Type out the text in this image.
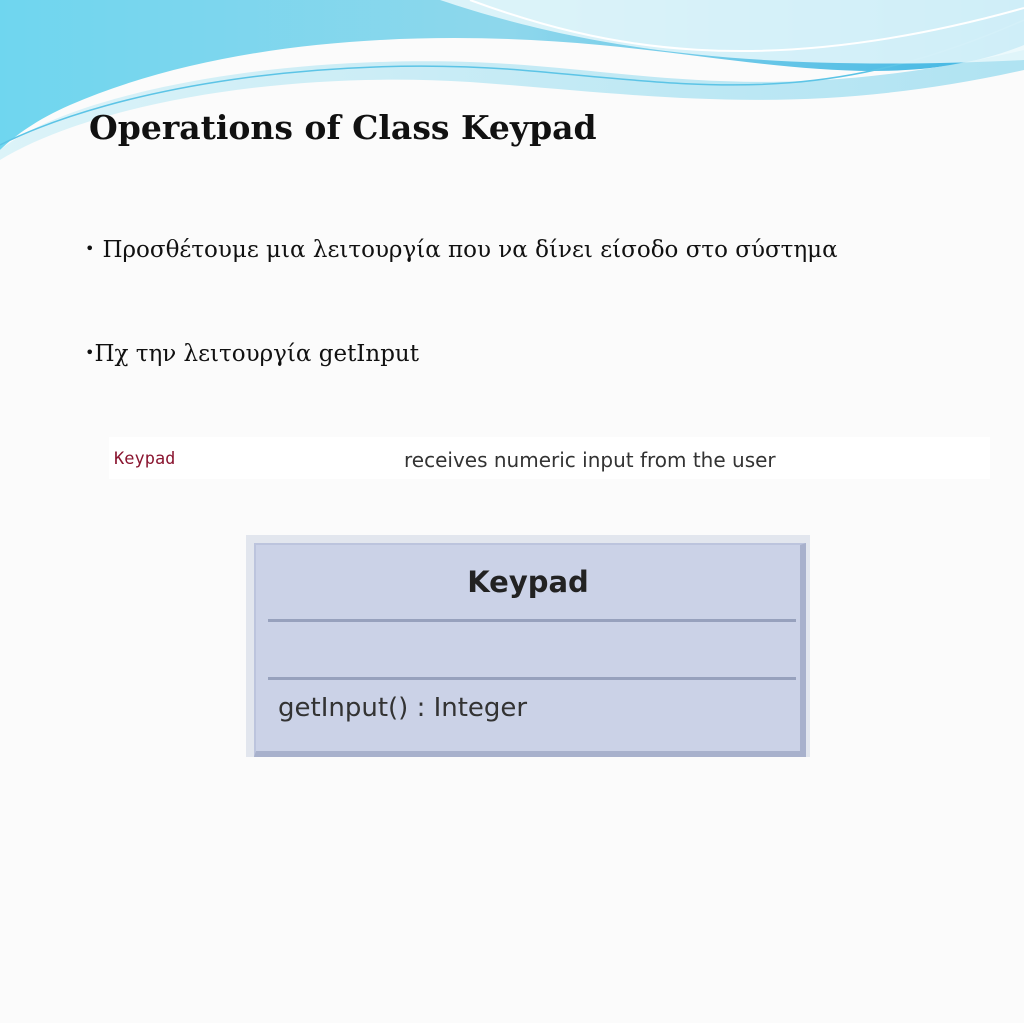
Operations of Class Keypad
• Προσθέτουμε μια λειτουργία που να δίνει είσοδο στο σύστημα
•Πχ την λειτουργία getInput
Keypad	receives numeric input from the user
Keypad
getInput() : Integer
